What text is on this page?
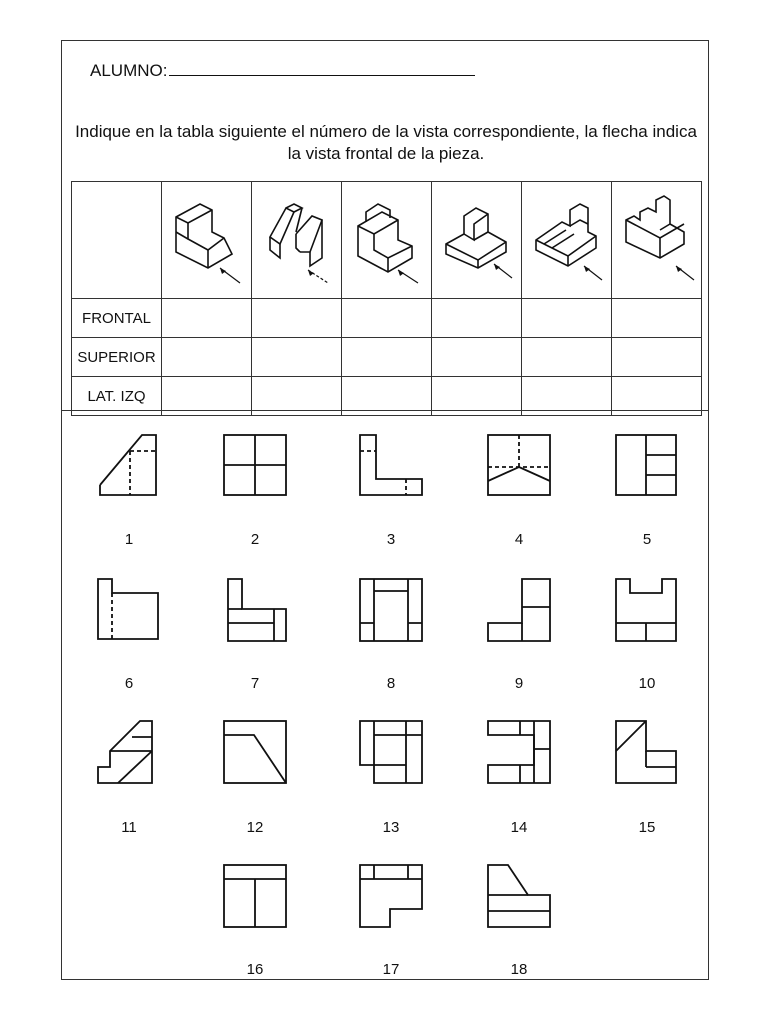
ALUMNO:
Indique en la tabla siguiente el número de la vista correspondiente, la flecha indica la vista frontal de la pieza.

FRONTAL						
SUPERIOR						
LAT. IZQ						
1	2	3	4	5
6	7	8	9	10
11	12	13	14	15
16	17	18
